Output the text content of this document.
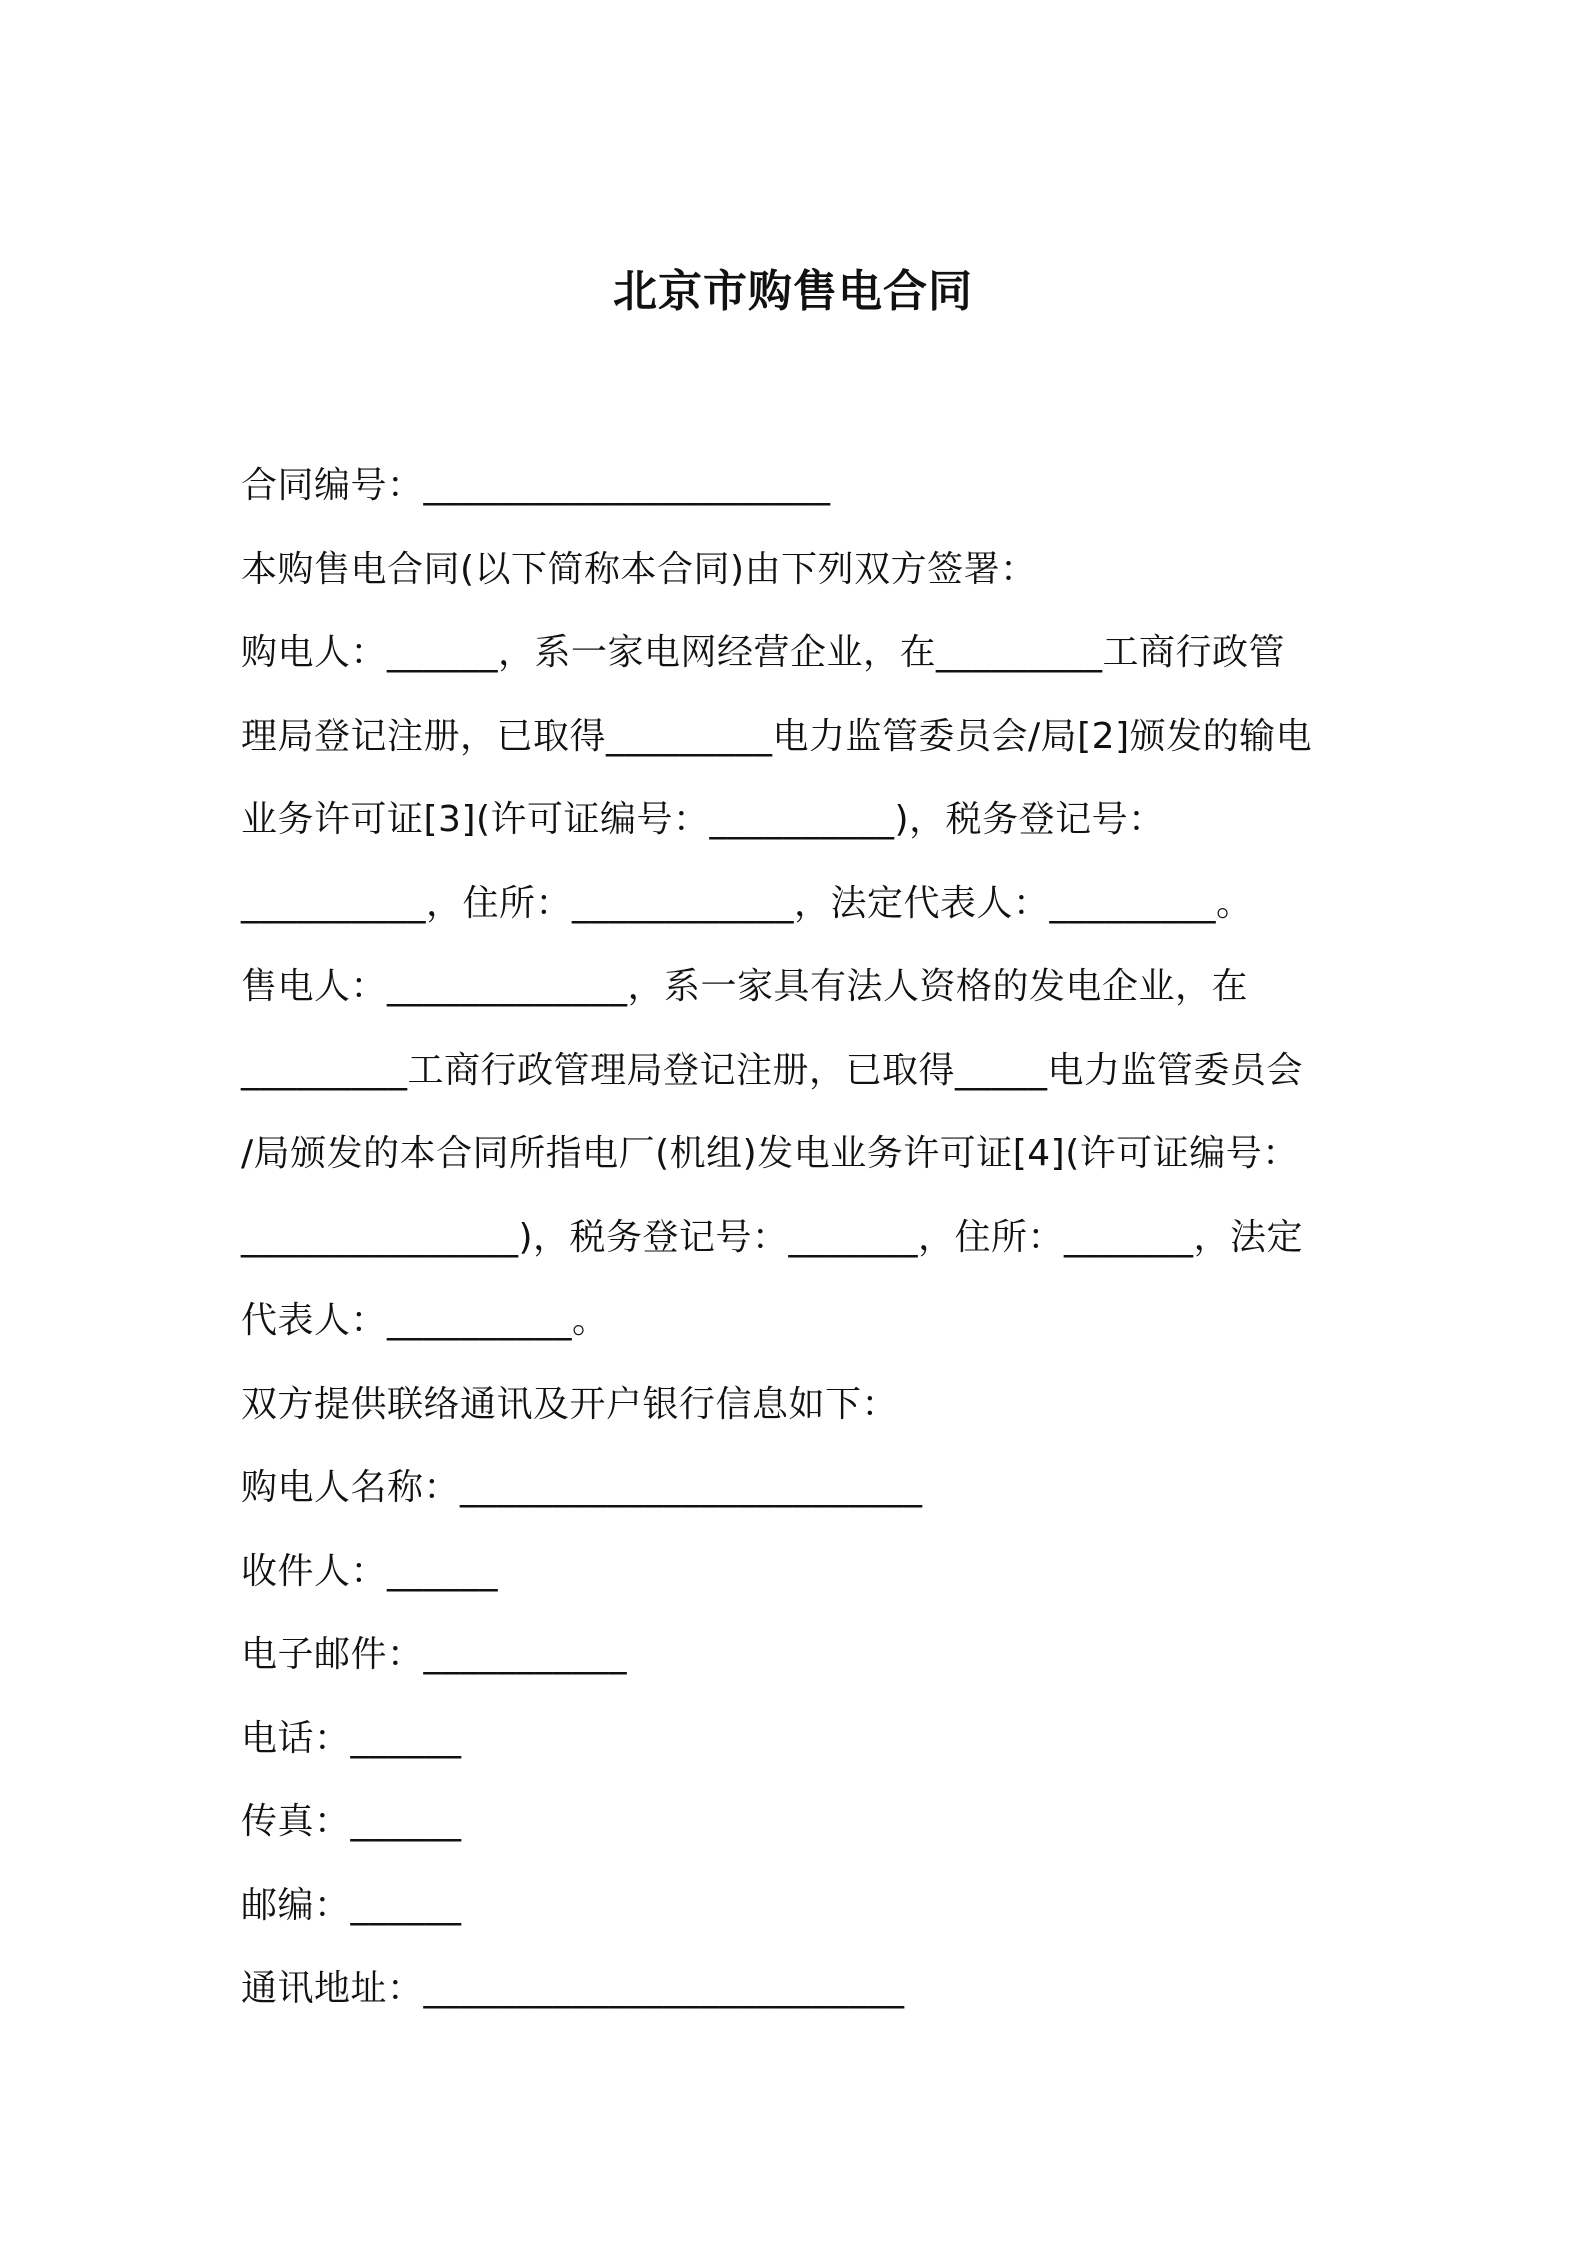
北京市购售电合同
合同编号：______________________
本购售电合同(以下简称本合同)由下列双方签署：
购电人：______，系一家电网经营企业，在_________工商行政管
理局登记注册，已取得_________电力监管委员会/局[2]颁发的输电
业务许可证[3](许可证编号：__________)，税务登记号：
__________，住所：____________，法定代表人：_________。
售电人：_____________，系一家具有法人资格的发电企业，在
_________工商行政管理局登记注册，已取得_____电力监管委员会
/局颁发的本合同所指电厂(机组)发电业务许可证[4](许可证编号：
_______________)，税务登记号：_______，住所：_______，法定
代表人：__________。
双方提供联络通讯及开户银行信息如下：
购电人名称：_________________________
收件人：______
电子邮件：___________
电话：______
传真：______
邮编：______
通讯地址：__________________________
